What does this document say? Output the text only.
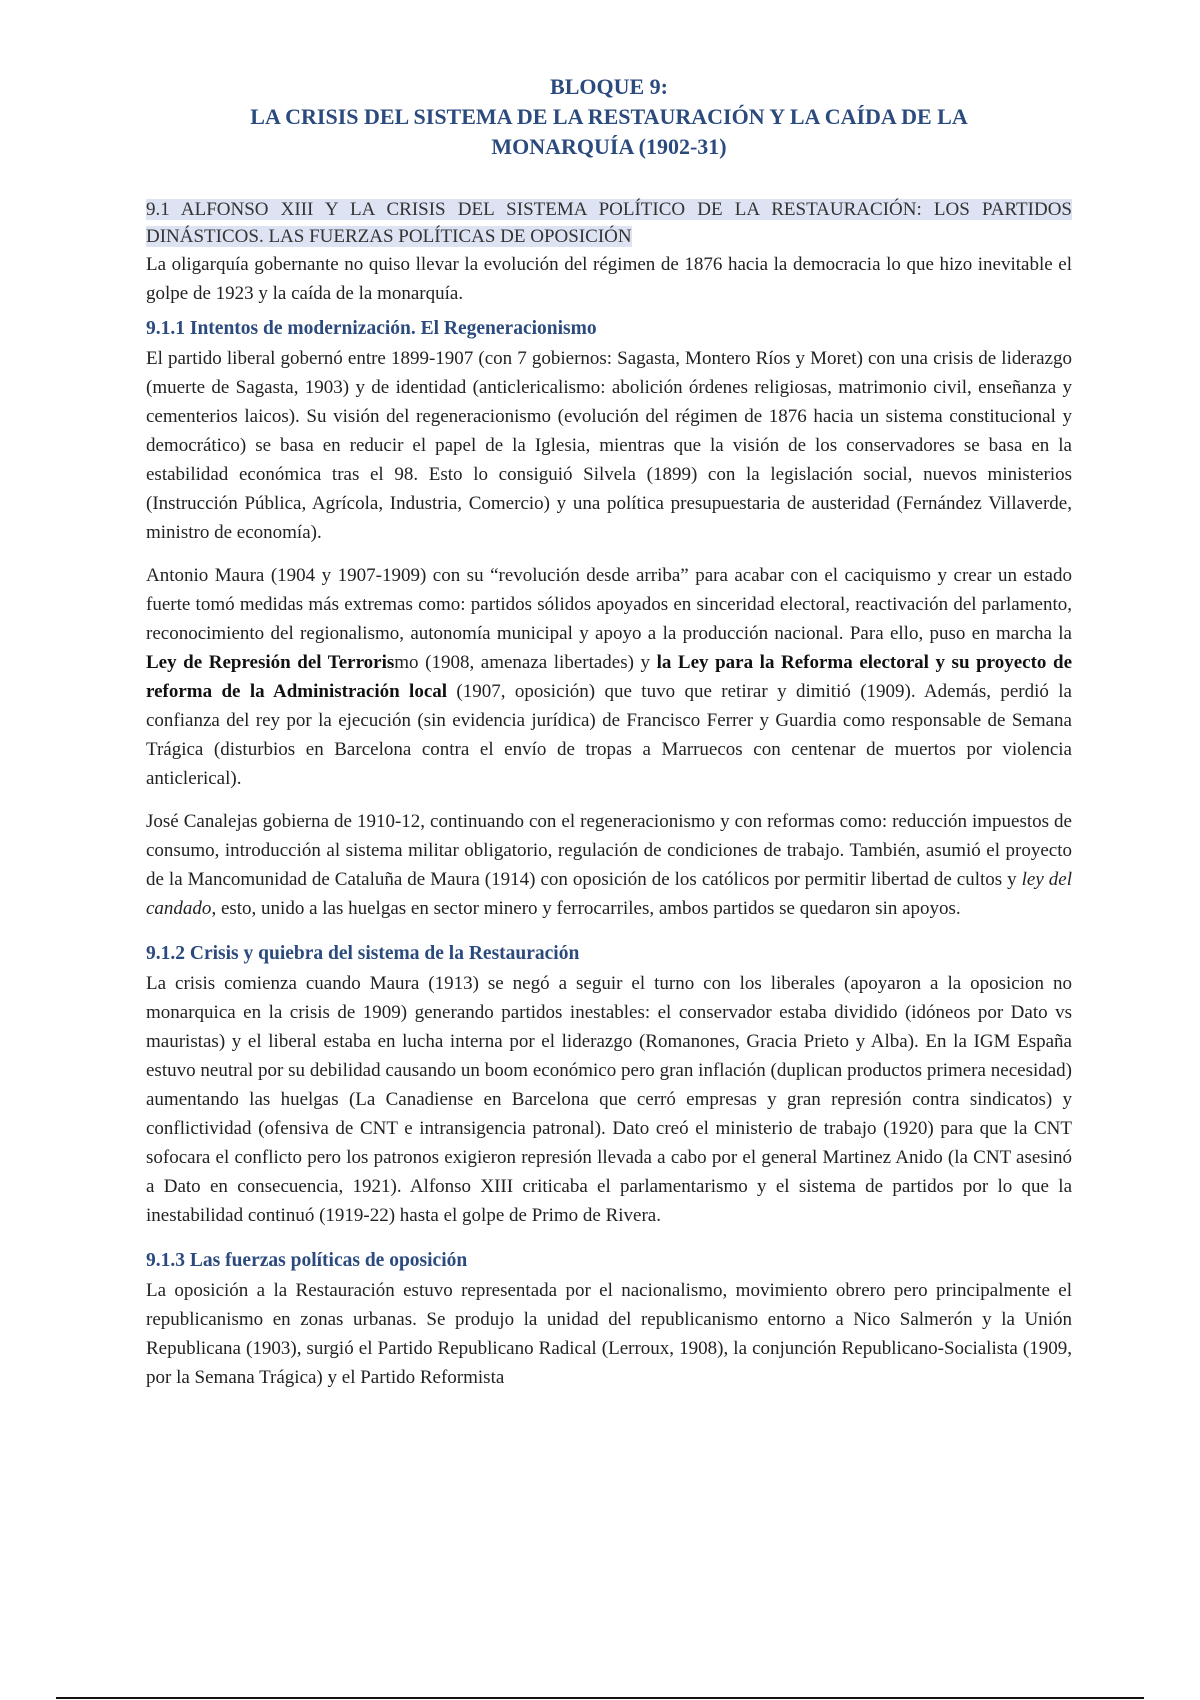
BLOQUE 9:
LA CRISIS DEL SISTEMA DE LA RESTAURACIÓN Y LA CAÍDA DE LA
MONARQUÍA (1902-31)

9.1 ALFONSO XIII Y LA CRISIS DEL SISTEMA POLÍTICO DE LA RESTAURACIÓN: LOS PARTIDOS DINÁSTICOS. LAS FUERZAS POLÍTICAS DE OPOSICIÓN

La oligarquía gobernante no quiso llevar la evolución del régimen de 1876 hacia la democracia lo que hizo inevitable el golpe de 1923 y la caída de la monarquía.

9.1.1 Intentos de modernización. El Regeneracionismo

El partido liberal gobernó entre 1899-1907 (con 7 gobiernos: Sagasta, Montero Ríos y Moret) con una crisis de liderazgo (muerte de Sagasta, 1903) y de identidad (anticlericalismo: abolición órdenes religiosas, matrimonio civil, enseñanza y cementerios laicos). Su visión del regeneracionismo (evolución del régimen de 1876 hacia un sistema constitucional y democrático) se basa en reducir el papel de la Iglesia, mientras que la visión de los conservadores se basa en la estabilidad económica tras el 98. Esto lo consiguió Silvela (1899) con la legislación social, nuevos ministerios (Instrucción Pública, Agrícola, Industria, Comercio) y una política presupuestaria de austeridad (Fernández Villaverde, ministro de economía).

Antonio Maura (1904 y 1907-1909) con su “revolución desde arriba” para acabar con el caciquismo y crear un estado fuerte tomó medidas más extremas como: partidos sólidos apoyados en sinceridad electoral, reactivación del parlamento, reconocimiento del regionalismo, autonomía municipal y apoyo a la producción nacional. Para ello, puso en marcha la Ley de Represión del Terrorismo (1908, amenaza libertades) y la Ley para la Reforma electoral y su proyecto de reforma de la Administración local (1907, oposición) que tuvo que retirar y dimitió (1909). Además, perdió la confianza del rey por la ejecución (sin evidencia jurídica) de Francisco Ferrer y Guardia como responsable de Semana Trágica (disturbios en Barcelona contra el envío de tropas a Marruecos con centenar de muertos por violencia anticlerical).

José Canalejas gobierna de 1910-12, continuando con el regeneracionismo y con reformas como: reducción impuestos de consumo, introducción al sistema militar obligatorio, regulación de condiciones de trabajo. También, asumió el proyecto de la Mancomunidad de Cataluña de Maura (1914) con oposición de los católicos por permitir libertad de cultos y ley del candado, esto, unido a las huelgas en sector minero y ferrocarriles, ambos partidos se quedaron sin apoyos.

9.1.2 Crisis y quiebra del sistema de la Restauración

La crisis comienza cuando Maura (1913) se negó a seguir el turno con los liberales (apoyaron a la oposicion no monarquica en la crisis de 1909) generando partidos inestables: el conservador estaba dividido (idóneos por Dato vs mauristas) y el liberal estaba en lucha interna por el liderazgo (Romanones, Gracia Prieto y Alba). En la IGM España estuvo neutral por su debilidad causando un boom económico pero gran inflación (duplican productos primera necesidad) aumentando las huelgas (La Canadiense en Barcelona que cerró empresas y gran represión contra sindicatos) y conflictividad (ofensiva de CNT e intransigencia patronal). Dato creó el ministerio de trabajo (1920) para que la CNT sofocara el conflicto pero los patronos exigieron represión llevada a cabo por el general Martinez Anido (la CNT asesinó a Dato en consecuencia, 1921). Alfonso XIII criticaba el parlamentarismo y el sistema de partidos por lo que la inestabilidad continuó (1919-22) hasta el golpe de Primo de Rivera.

9.1.3 Las fuerzas políticas de oposición

La oposición a la Restauración estuvo representada por el nacionalismo, movimiento obrero pero principalmente el republicanismo en zonas urbanas. Se produjo la unidad del republicanismo entorno a Nico Salmerón y la Unión Republicana (1903), surgió el Partido Republicano Radical (Lerroux, 1908), la conjunción Republicano-Socialista (1909, por la Semana Trágica) y el Partido Reformista
